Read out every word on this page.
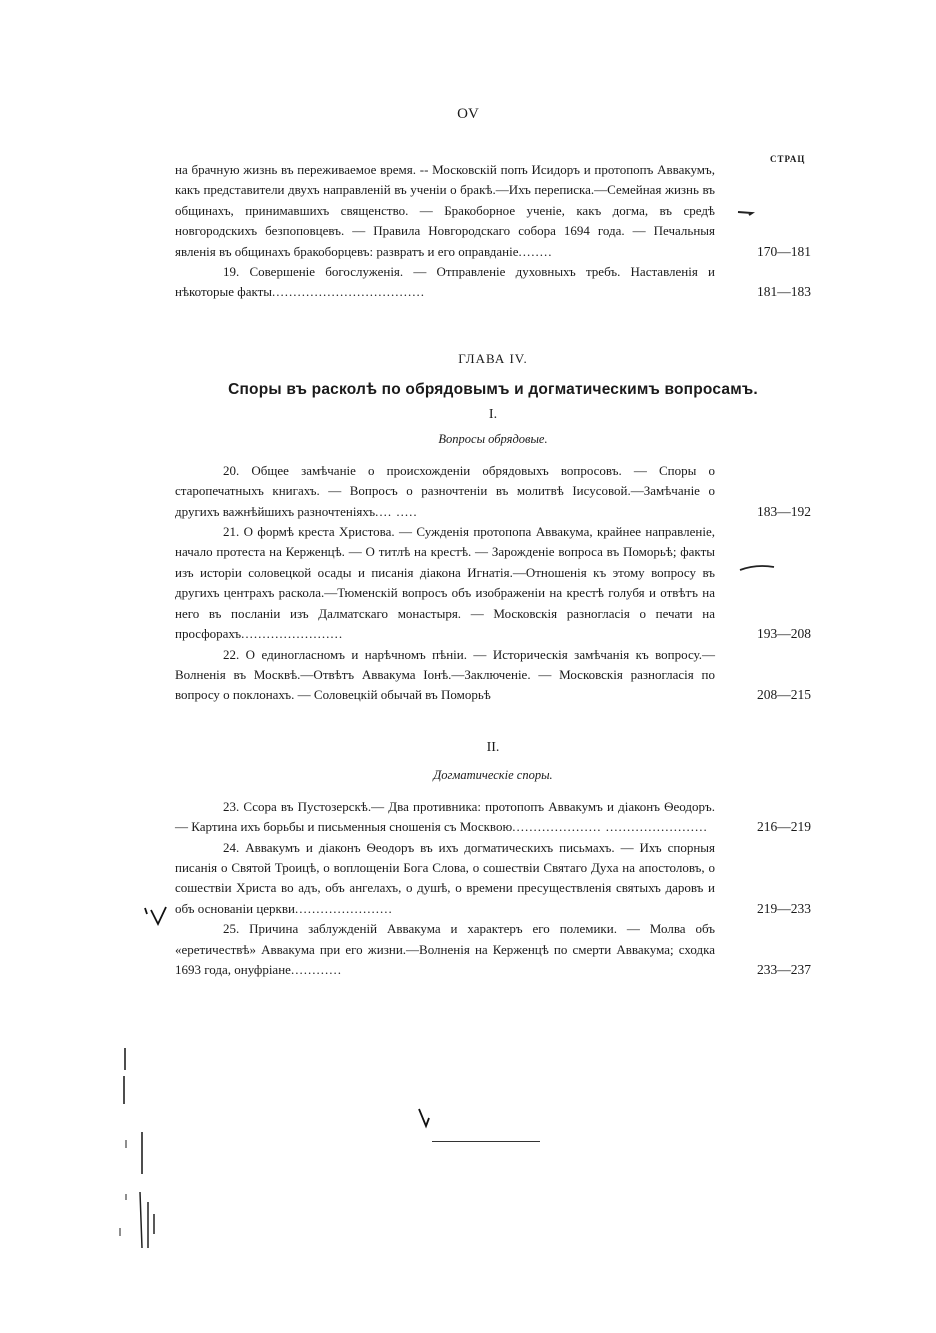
OV
СТРАЦ

на брачную жизнь въ переживаемое время. -- Московскій попъ Исидоръ и протопопъ Аввакумъ, какъ представители двухъ направленій въ ученіи о бракѣ.—Ихъ переписка.—Семейная жизнь въ общинахъ, принимавшихъ священство. — Бракоборное ученіе, какъ догма, въ средѣ новгородскихъ безпоповцевъ. — Правила Новгородскаго собора 1694 года. — Печальныя явленія въ общинахъ бракоборцевъ: развратъ и его оправданіе........	170—181

19. Совершеніе богослуженія. — Отправленіе духовныхъ требъ. Наставленія и нѣкоторые факты....................................	181—183

ГЛАВА IV.

Споры въ расколѣ по обрядовымъ и догматическимъ вопросамъ.

I.

Вопросы обрядовые.

20. Общее замѣчаніе о происхожденіи обрядовыхъ вопросовъ. — Споры о старопечатныхъ книгахъ. — Вопросъ о разночтеніи въ молитвѣ Іисусовой.—Замѣчаніе о другихъ важнѣйшихъ разночтеніяхъ.... .....	183—192

21. О формѣ креста Христова. — Сужденія протопопа Аввакума, крайнее направленіе, начало протеста на Керженцѣ. — О титлѣ на крестѣ. — Зарожденіе вопроса въ Поморьѣ; факты изъ исторіи соловецкой осады и писанія діакона Игнатія.—Отношенія къ этому вопросу въ другихъ центрахъ раскола.—Тюменскій вопросъ объ изображеніи на крестѣ голубя и отвѣтъ на него въ посланіи изъ Далматскаго монастыря. — Московскія разногласія о печати на просфорахъ........................	193—208

22. О единогласномъ и нарѣчномъ пѣніи. — Историческія замѣчанія къ вопросу.—Волненія въ Москвѣ.—Отвѣтъ Аввакума Іонѣ.—Заключеніе. — Московскія разногласія по вопросу о поклонахъ. — Соловецкій обычай въ Поморьѣ	208—215

II.

Догматическіе споры.

23. Ссора въ Пустозерскѣ.— Два противника: протопопъ Аввакумъ и діаконъ Ѳеодоръ. — Картина ихъ борьбы и письменныя сношенія съ Москвою..................... ........................	216—219

24. Аввакумъ и діаконъ Ѳеодоръ въ ихъ догматическихъ письмахъ. — Ихъ спорныя писанія о Святой Троицѣ, о воплощеніи Бога Слова, о сошествіи Святаго Духа на апостоловъ, о сошествіи Христа во адъ, объ ангелахъ, о душѣ, о времени пресуществленія святыхъ даровъ и объ основаніи церкви.......................	219—233

25. Причина заблужденій Аввакума и характеръ его полемики. — Молва объ «еретичествѣ» Аввакума при его жизни.—Волненія на Керженцѣ по смерти Аввакума; сходка 1693 года, онуфріане............	233—237
